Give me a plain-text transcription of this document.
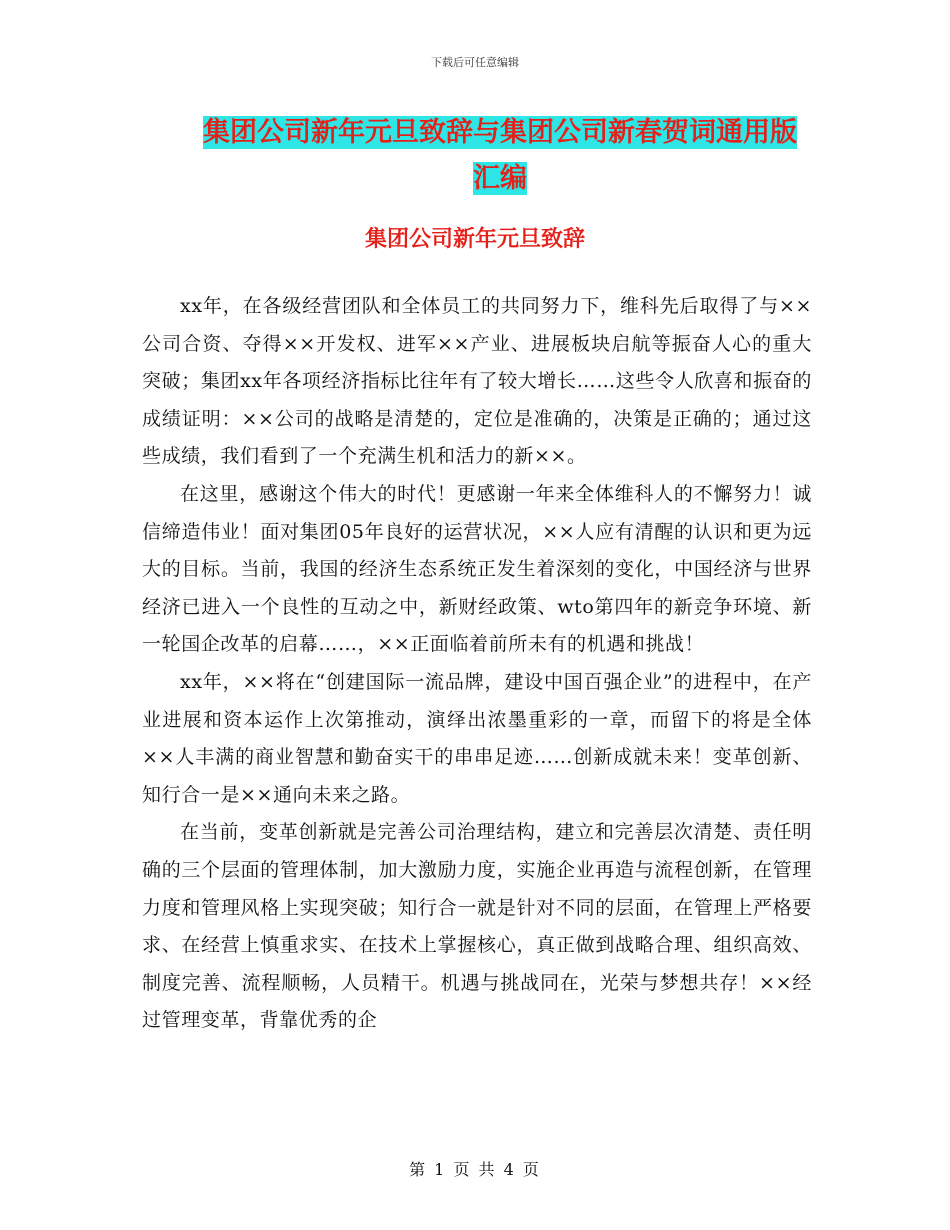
下载后可任意编辑
集团公司新年元旦致辞与集团公司新春贺词通用版汇编
集团公司新年元旦致辞

xx年，在各级经营团队和全体员工的共同努力下，维科先后取得了与××公司合资、夺得××开发权、进军××产业、进展板块启航等振奋人心的重大突破；集团xx年各项经济指标比往年有了较大增长……这些令人欣喜和振奋的成绩证明：××公司的战略是清楚的，定位是准确的，决策是正确的；通过这些成绩，我们看到了一个充满生机和活力的新××。

在这里，感谢这个伟大的时代！更感谢一年来全体维科人的不懈努力！诚信缔造伟业！面对集团05年良好的运营状况，××人应有清醒的认识和更为远大的目标。当前，我国的经济生态系统正发生着深刻的变化，中国经济与世界经济已进入一个良性的互动之中，新财经政策、wto第四年的新竞争环境、新一轮国企改革的启幕……，××正面临着前所未有的机遇和挑战！

xx年，××将在“创建国际一流品牌，建设中国百强企业”的进程中，在产业进展和资本运作上次第推动，演绎出浓墨重彩的一章，而留下的将是全体××人丰满的商业智慧和勤奋实干的串串足迹……创新成就未来！变革创新、知行合一是××通向未来之路。

在当前，变革创新就是完善公司治理结构，建立和完善层次清楚、责任明确的三个层面的管理体制，加大激励力度，实施企业再造与流程创新，在管理力度和管理风格上实现突破；知行合一就是针对不同的层面，在管理上严格要求、在经营上慎重求实、在技术上掌握核心，真正做到战略合理、组织高效、制度完善、流程顺畅，人员精干。机遇与挑战同在，光荣与梦想共存！××经过管理变革，背靠优秀的企

第 1 页 共 4 页
